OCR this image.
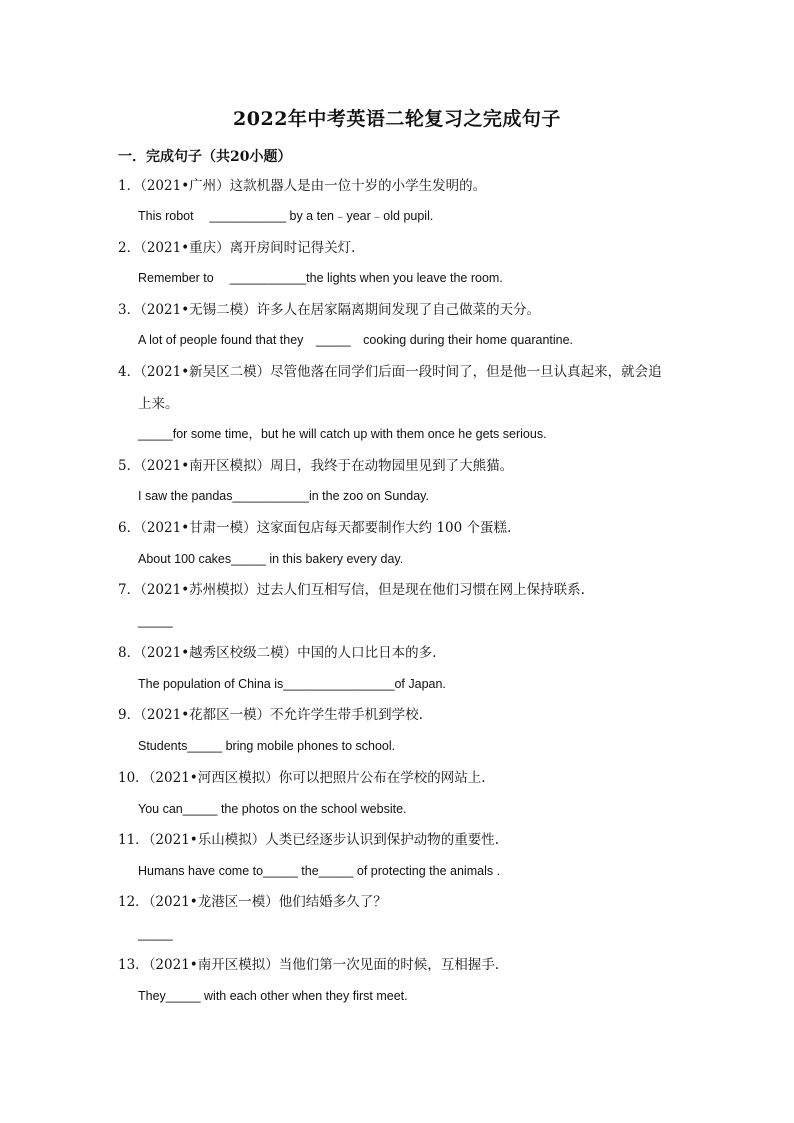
2022年中考英语二轮复习之完成句子
一．完成句子（共20小题）
1．（2021•广州）这款机器人是由一位十岁的小学生发明的。
This robot　 ___________ by a ten﹣year﹣old pupil.
2．（2021•重庆）离开房间时记得关灯.
Remember to　 ___________the lights when you leave the room.
3．（2021•无锡二模）许多人在居家隔离期间发现了自己做菜的天分。
A lot of people found that they　_____　cooking during their home quarantine.
4．（2021•新吴区二模）尽管他落在同学们后面一段时间了，但是他一旦认真起来，就会追
上来。
_____for some time，but he will catch up with them once he gets serious.
5．（2021•南开区模拟）周日，我终于在动物园里见到了大熊猫。
I saw the pandas___________in the zoo on Sunday.
6．（2021•甘肃一模）这家面包店每天都要制作大约 100 个蛋糕.
About 100 cakes_____ in this bakery every day.
7．（2021•苏州模拟）过去人们互相写信，但是现在他们习惯在网上保持联系.
_____
8．（2021•越秀区校级二模）中国的人口比日本的多.
The population of China is________________of Japan.
9．（2021•花都区一模）不允许学生带手机到学校.
Students_____ bring mobile phones to school.
10．（2021•河西区模拟）你可以把照片公布在学校的网站上.
You can_____ the photos on the school website.
11．（2021•乐山模拟）人类已经逐步认识到保护动物的重要性.
Humans have come to_____ the_____ of protecting the animals .
12．（2021•龙港区一模）他们结婚多久了？
_____
13．（2021•南开区模拟）当他们第一次见面的时候，互相握手.
They_____ with each other when they first meet.
